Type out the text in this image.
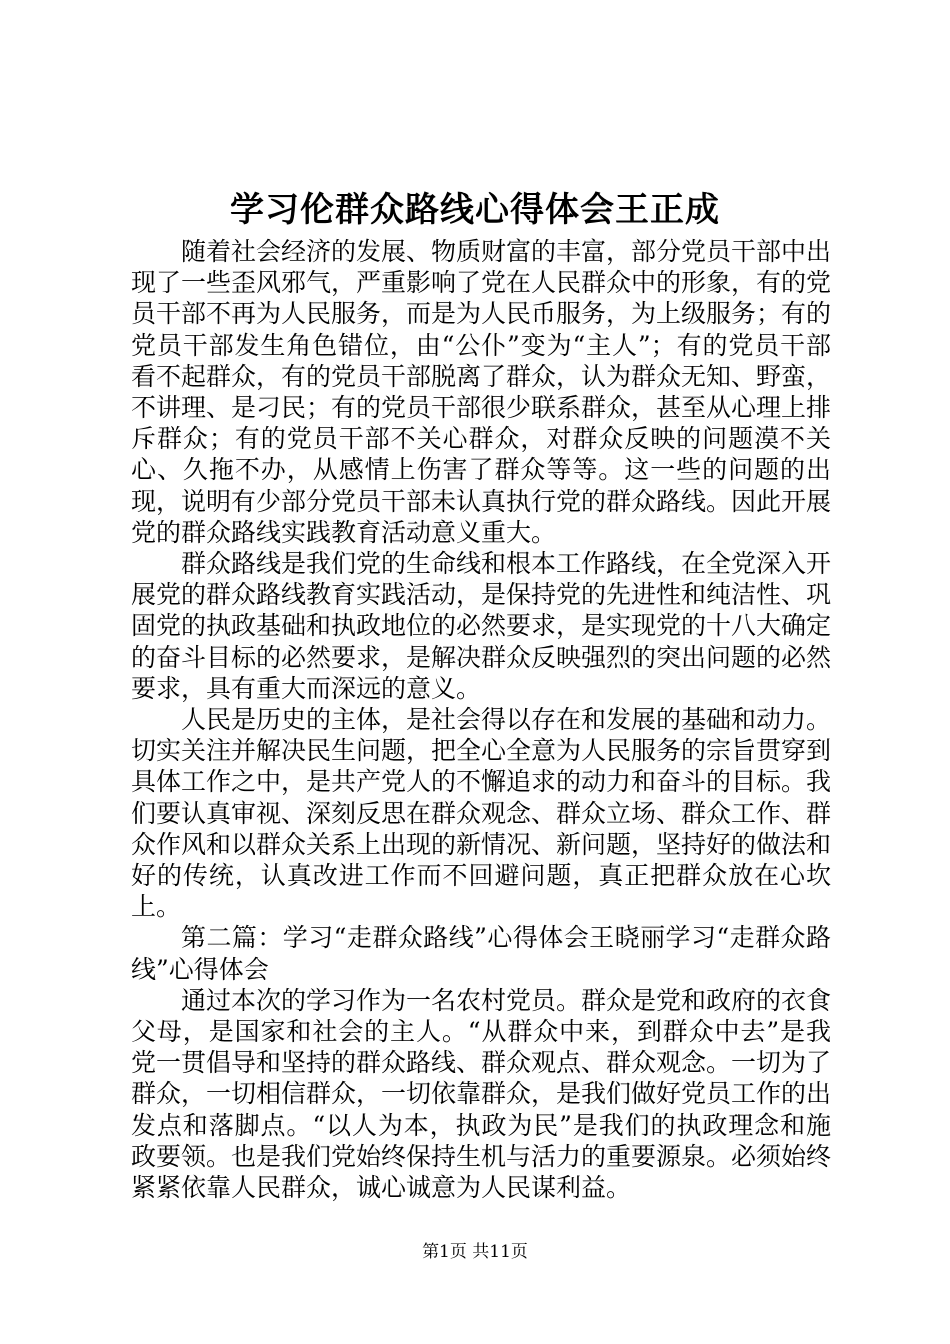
学习伦群众路线心得体会王正成

随着社会经济的发展、物质财富的丰富，部分党员干部中出现了一些歪风邪气，严重影响了党在人民群众中的形象，有的党员干部不再为人民服务，而是为人民币服务，为上级服务；有的党员干部发生角色错位，由“公仆”变为“主人”；有的党员干部看不起群众，有的党员干部脱离了群众，认为群众无知、野蛮，不讲理、是刁民；有的党员干部很少联系群众，甚至从心理上排斥群众；有的党员干部不关心群众，对群众反映的问题漠不关心、久拖不办，从感情上伤害了群众等等。这一些的问题的出现，说明有少部分党员干部未认真执行党的群众路线。因此开展党的群众路线实践教育活动意义重大。

群众路线是我们党的生命线和根本工作路线，在全党深入开展党的群众路线教育实践活动，是保持党的先进性和纯洁性、巩固党的执政基础和执政地位的必然要求，是实现党的十八大确定的奋斗目标的必然要求，是解决群众反映强烈的突出问题的必然要求，具有重大而深远的意义。

人民是历史的主体，是社会得以存在和发展的基础和动力。切实关注并解决民生问题，把全心全意为人民服务的宗旨贯穿到具体工作之中，是共产党人的不懈追求的动力和奋斗的目标。我们要认真审视、深刻反思在群众观念、群众立场、群众工作、群众作风和以群众关系上出现的新情况、新问题，坚持好的做法和好的传统，认真改进工作而不回避问题，真正把群众放在心坎上。

第二篇：学习“走群众路线”心得体会王晓丽学习“走群众路线”心得体会

通过本次的学习作为一名农村党员。群众是党和政府的衣食父母，是国家和社会的主人。“从群众中来，到群众中去”是我党一贯倡导和坚持的群众路线、群众观点、群众观念。一切为了群众，一切相信群众，一切依靠群众，是我们做好党员工作的出发点和落脚点。“以人为本，执政为民”是我们的执政理念和施政要领。也是我们党始终保持生机与活力的重要源泉。必须始终紧紧依靠人民群众，诚心诚意为人民谋利益。

第1页 共11页
